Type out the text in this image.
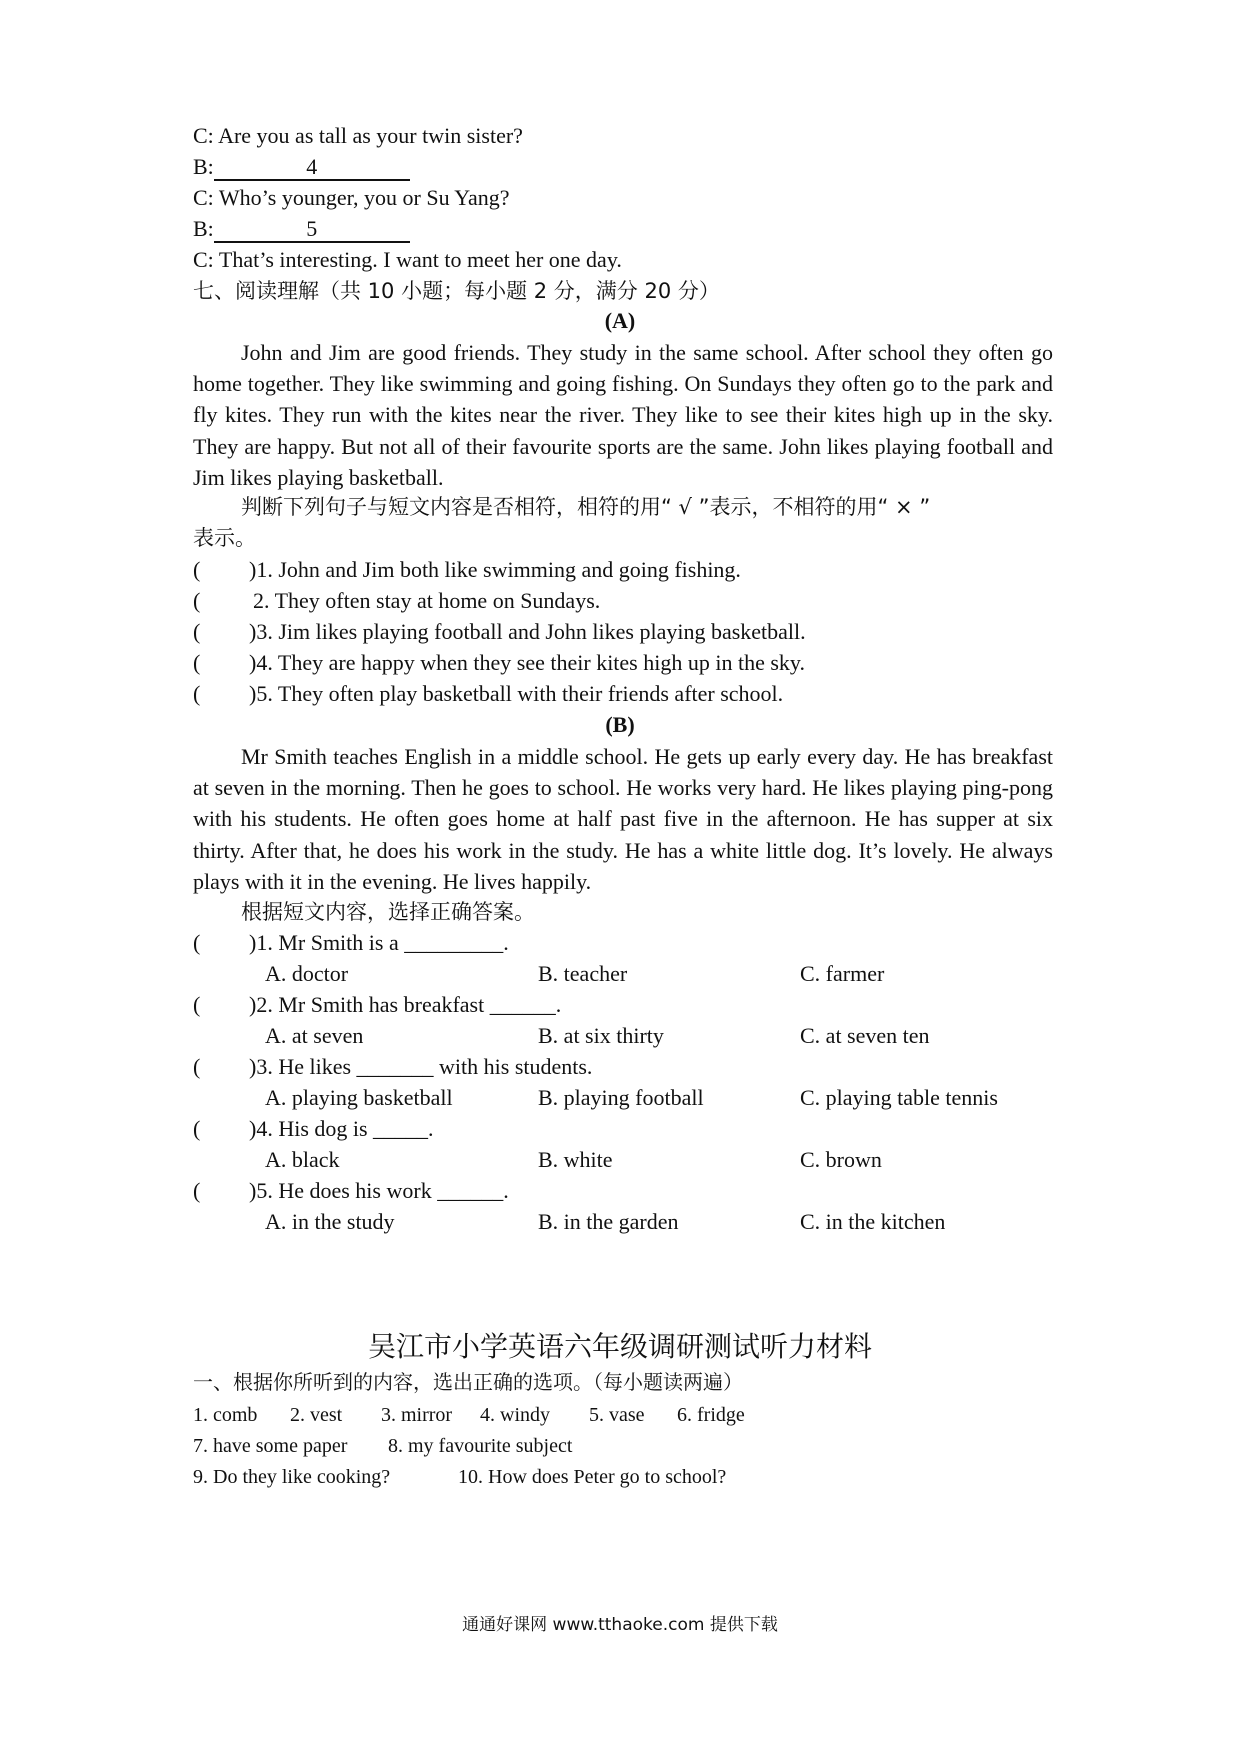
C: Are you as tall as your twin sister?
B:	4
C: Who’s younger, you or Su Yang?
B:	5
C: That’s interesting. I want to meet her one day.
七、阅读理解（共 10 小题；每小题 2 分，满分 20 分）
(A)
John and Jim are good friends. They study in the same school. After school they often go home together. They like swimming and going fishing. On Sundays they often go to the park and fly kites. They run with the kites near the river. They like to see their kites high up in the sky. They are happy. But not all of their favourite sports are the same. John likes playing football and Jim likes playing basketball.
判断下列句子与短文内容是否相符，相符的用“ √ ”表示，不相符的用“ × ”
表示。
( )1. John and Jim both like swimming and going fishing.
( 2. They often stay at home on Sundays.
( )3. Jim likes playing football and John likes playing basketball.
( )4. They are happy when they see their kites high up in the sky.
( )5. They often play basketball with their friends after school.
(B)
Mr Smith teaches English in a middle school. He gets up early every day. He has breakfast at seven in the morning. Then he goes to school. He works very hard. He likes playing ping-pong with his students. He often goes home at half past five in the afternoon. He has supper at six thirty. After that, he does his work in the study. He has a white little dog. It’s lovely. He always plays with it in the evening. He lives happily.
根据短文内容，选择正确答案。
( )1. Mr Smith is a _________.
A. doctor	B. teacher	C. farmer
( )2. Mr Smith has breakfast ______.
A. at seven	B. at six thirty	C. at seven ten
( )3. He likes _______ with his students.
A. playing basketball	B. playing football	C. playing table tennis
( )4. His dog is _____.
A. black	B. white	C. brown
( )5. He does his work ______.
A. in the study	B. in the garden	C. in the kitchen
吴江市小学英语六年级调研测试听力材料
一、根据你所听到的内容，选出正确的选项。（每小题读两遍）
1. comb 2. vest 3. mirror 4. windy 5. vase 6. fridge
7. have some paper 8. my favourite subject
9. Do they like cooking?	10. How does Peter go to school?
通通好课网 www.tthaoke.com 提供下载
